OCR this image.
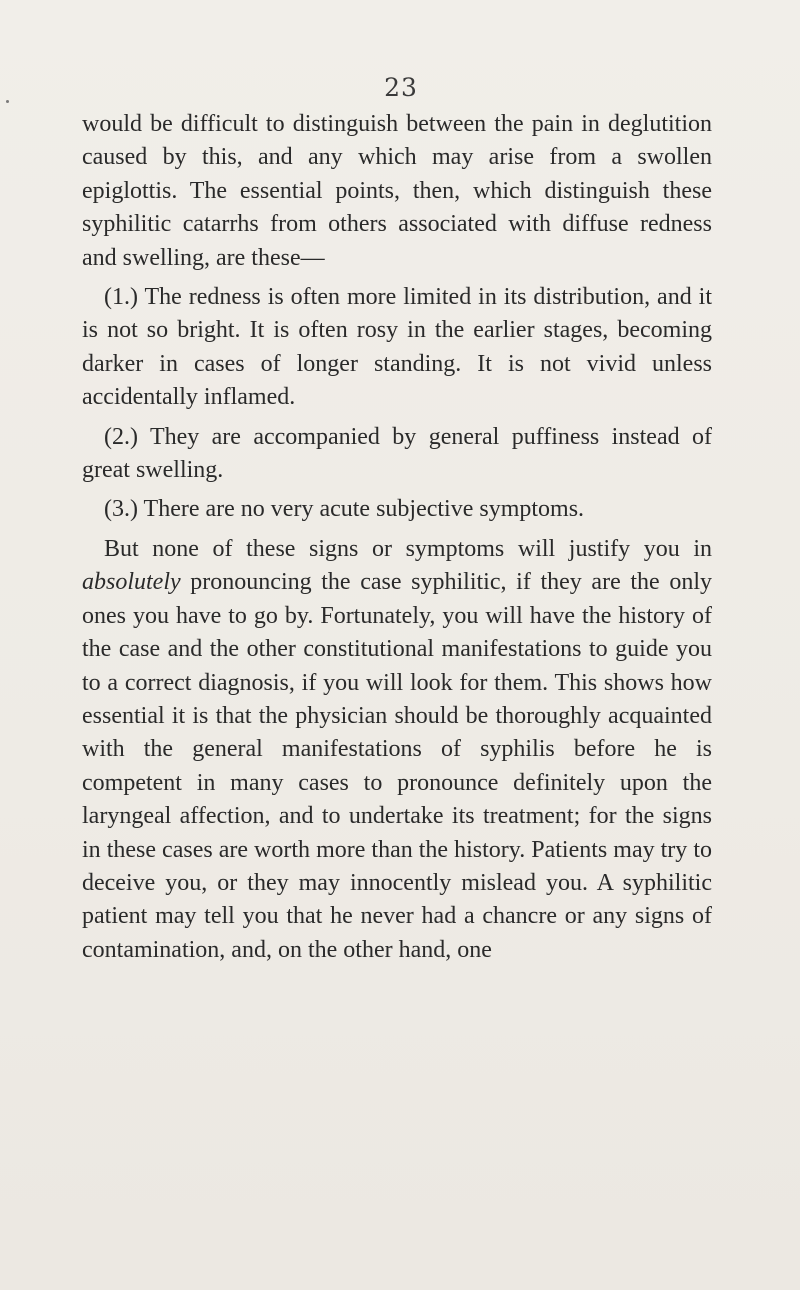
23

would be difficult to distinguish between the pain in deglutition caused by this, and any which may arise from a swollen epiglottis. The essential points, then, which distinguish these syphilitic catarrhs from others associated with diffuse redness and swelling, are these—

(1.) The redness is often more limited in its distribution, and it is not so bright. It is often rosy in the earlier stages, becoming darker in cases of longer standing. It is not vivid unless accidentally inflamed.

(2.) They are accompanied by general puffiness instead of great swelling.

(3.) There are no very acute subjective symptoms.

But none of these signs or symptoms will justify you in absolutely pronouncing the case syphilitic, if they are the only ones you have to go by. Fortunately, you will have the history of the case and the other constitutional manifestations to guide you to a correct diagnosis, if you will look for them. This shows how essential it is that the physician should be thoroughly acquainted with the general manifestations of syphilis before he is competent in many cases to pronounce definitely upon the laryngeal affection, and to undertake its treatment; for the signs in these cases are worth more than the history. Patients may try to deceive you, or they may innocently mislead you. A syphilitic patient may tell you that he never had a chancre or any signs of contamination, and, on the other hand, one
